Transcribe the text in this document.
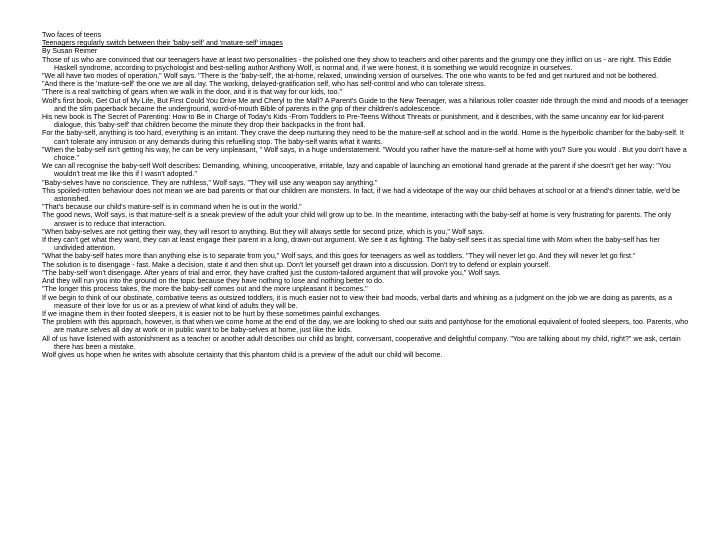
Two faces of teens

Teenagers regularly switch between their 'baby-self' and 'mature-self' images

By Susan Reimer

Those of us who are convinced that our teenagers have at least two personalities - the polished one they show to teachers and other parents and the grumpy one they inflict on us - are right. This Eddie Haskell syndrome, according to psychologist and best-selling author Anthony Wolf, is normal and, if we were honest, it is something we would recognize in ourselves.

"We all have two modes of operation," Wolf says. "There is the 'baby-self', the at-home, relaxed, unwinding version of ourselves. The one who wants to be fed and get nurtured and not be bothered.

"And there is the 'mature-self' the one we are all day. The working, delayed-gratification self, who has self-control and who can tolerate stress.

"There is a real switching of gears when we walk in the door, and it is that way for our kids, too."

Wolf's first book, Get Out of My Life, But First Could You Drive Me and Cheryl to the Mall? A Parent's Guide to the New Teenager, was a hilarious roller coaster ride through the mind and moods of a teenager and the slim paperback became the underground, word-of-mouth Bible of parents in the grip of their children's adolescence.

His new book is The Secret of Parenting: How to Be in Charge of Today's Kids -From Toddlers to Pre-Teens Without Threats or punishment, and it describes, with the same uncanny ear for kid-parent dialogue, this 'baby-self' that children become the minute they drop their backpacks in the front hall.

For the baby-self, anything is too hard, everything is an irritant. They crave the deep nurturing they need to be the mature-self at school and in the world. Home is the hyperbolic chamber for the baby-self. It can't tolerate any intrusion or any demands during this refuelling stop. The baby-self wants what it wants.

"When the baby-self isn't getting his way, he can be very unpleasant, " Wolf says, in a huge understatement. "Would you rather have the mature-self at home with you? Sure you would . But you don't have a choice."

We can all recognise the baby-self Wolf describes: Demanding, whining, uncooperative, irritable, lazy and capable of launching an emotional hand grenade at the parent if she doesn't get her way: "You wouldn't treat me like this if I wasn't adopted."

"Baby-selves have no conscience. They are ruthless," Wolf says. "They will use any weapon say anything."

This spoiled-rotten behaviour does not mean we are bad parents or that our children are monsters. In fact, if we had a videotape of the way our child behaves at school or at a friend's dinner table, we'd be astonished.

"That's because our child's mature-self is in command when he is out in the world."

The good news, Wolf says, is that mature-self is a sneak preview of the adult your child will grow up to be. In the meantime, interacting with the baby-self at home is very frustrating for parents. The only answer is to reduce that interaction.

"When baby-selves are not getting their way, they will resort to anything. But they will always settle for second prize, which is you," Wolf says.

If they can't get what they want, they can at least engage their parent in a long, drawn-out argument. We see it as fighting. The baby-self sees it as special time with Mom when the baby-self has her undivided attention.

"What the baby-self hates more than anything else is to separate from you," Wolf says, and this goes for teenagers as well as toddlers. "They will never let go. And they will never let go first."

The solution is to disengage - fast. Make a decision, state it and then shut up. Don't let yourself get drawn into a discussion. Don't try to defend or explain yourself.

"The baby-self won't disengage. After years of trial and error, they have crafted just the custom-tailored argument that will provoke you," Wolf says.

And they will run you into the ground on the topic because they have nothing to lose and nothing better to do.

"The longer this process takes, the more the baby-self comes out and the more unpleasant it becomes."

If we begin to think of our obstinate, combative teens as outsized toddlers, it is much easier not to view their bad moods, verbal darts and whining as a judgment on the job we are doing as parents, as a measure of their love for us or as a preview of what kind of adults they will be.

If we imagine them in their footed sleepers, it is easier not to be hurt by these sometimes painful exchanges.

The problem with this approach, however, is that when we come home at the end of the day, we are looking to shed our suits and pantyhose for the emotional equivalent of footed sleepers, too. Parents, who are mature selves all day at work or in public want to be baby-selves at home, just like the kids.

All of us have listened with astonishment as a teacher or another adult describes our child as bright, conversant, cooperative and delightful company. "You are talking about my child, right?" we ask, certain there has been a mistake.

Wolf gives us hope when he writes with absolute certainty that this phantom child is a preview of the adult our child will become.
